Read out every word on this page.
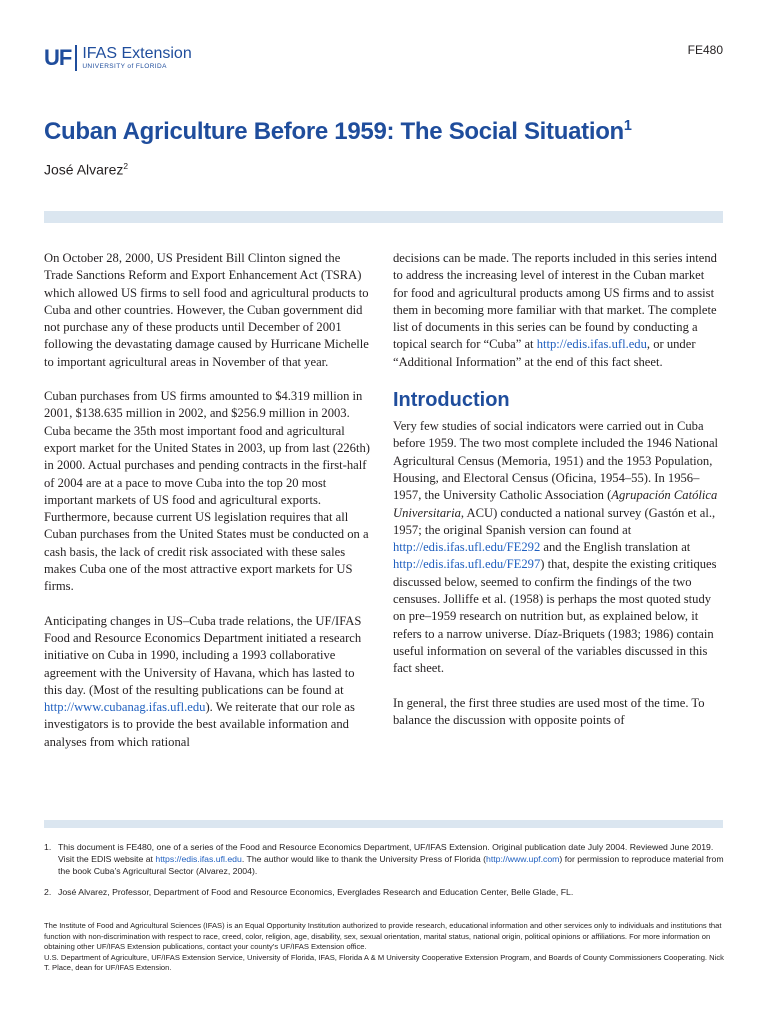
UF IFAS Extension
UNIVERSITY of FLORIDA
FE480
Cuban Agriculture Before 1959: The Social Situation$^1$
José Alvarez$^2$

On October 28, 2000, US President Bill Clinton signed the Trade Sanctions Reform and Export Enhancement Act (TSRA) which allowed US firms to sell food and agricultural products to Cuba and other countries. However, the Cuban government did not purchase any of these products until December of 2001 following the devastating damage caused by Hurricane Michelle to important agricultural areas in November of that year.

Cuban purchases from US firms amounted to $4.319 million in 2001, $138.635 million in 2002, and $256.9 million in 2003. Cuba became the 35th most important food and agricultural export market for the United States in 2003, up from last (226th) in 2000. Actual purchases and pending contracts in the first-half of 2004 are at a pace to move Cuba into the top 20 most important markets of US food and agricultural exports. Furthermore, because current US legislation requires that all Cuban purchases from the United States must be conducted on a cash basis, the lack of credit risk associated with these sales makes Cuba one of the most attractive export markets for US firms.

Anticipating changes in US–Cuba trade relations, the UF/IFAS Food and Resource Economics Department initiated a research initiative on Cuba in 1990, including a 1993 collaborative agreement with the University of Havana, which has lasted to this day. (Most of the resulting publications can be found at http://www.cubanag.ifas.ufl.edu). We reiterate that our role as investigators is to provide the best available information and analyses from which rational

decisions can be made. The reports included in this series intend to address the increasing level of interest in the Cuban market for food and agricultural products among US firms and to assist them in becoming more familiar with that market. The complete list of documents in this series can be found by conducting a topical search for “Cuba” at http://edis.ifas.ufl.edu, or under “Additional Information” at the end of this fact sheet.

Introduction

Very few studies of social indicators were carried out in Cuba before 1959. The two most complete included the 1946 National Agricultural Census (Memoria, 1951) and the 1953 Population, Housing, and Electoral Census (Oficina, 1954–55). In 1956–1957, the University Catholic Association (Agrupación Católica Universitaria, ACU) conducted a national survey (Gastón et al., 1957; the original Spanish version can found at http://edis.ifas.ufl.edu/FE292 and the English translation at http://edis.ifas.ufl.edu/FE297) that, despite the existing critiques discussed below, seemed to confirm the findings of the two censuses. Jolliffe et al. (1958) is perhaps the most quoted study on pre–1959 research on nutrition but, as explained below, it refers to a narrow universe. Díaz-Briquets (1983; 1986) contain useful information on several of the variables discussed in this fact sheet.

In general, the first three studies are used most of the time. To balance the discussion with opposite points of

1. This document is FE480, one of a series of the Food and Resource Economics Department, UF/IFAS Extension. Original publication date July 2004. Reviewed June 2019. Visit the EDIS website at https://edis.ifas.ufl.edu. The author would like to thank the University Press of Florida (http://www.upf.com) for permission to reproduce material from the book Cuba’s Agricultural Sector (Alvarez, 2004).
2. José Alvarez, Professor, Department of Food and Resource Economics, Everglades Research and Education Center, Belle Glade, FL.
The Institute of Food and Agricultural Sciences (IFAS) is an Equal Opportunity Institution authorized to provide research, educational information and other services only to individuals and institutions that function with non-discrimination with respect to race, creed, color, religion, age, disability, sex, sexual orientation, marital status, national origin, political opinions or affiliations. For more information on obtaining other UF/IFAS Extension publications, contact your county’s UF/IFAS Extension office.
U.S. Department of Agriculture, UF/IFAS Extension Service, University of Florida, IFAS, Florida A & M University Cooperative Extension Program, and Boards of County Commissioners Cooperating. Nick T. Place, dean for UF/IFAS Extension.
